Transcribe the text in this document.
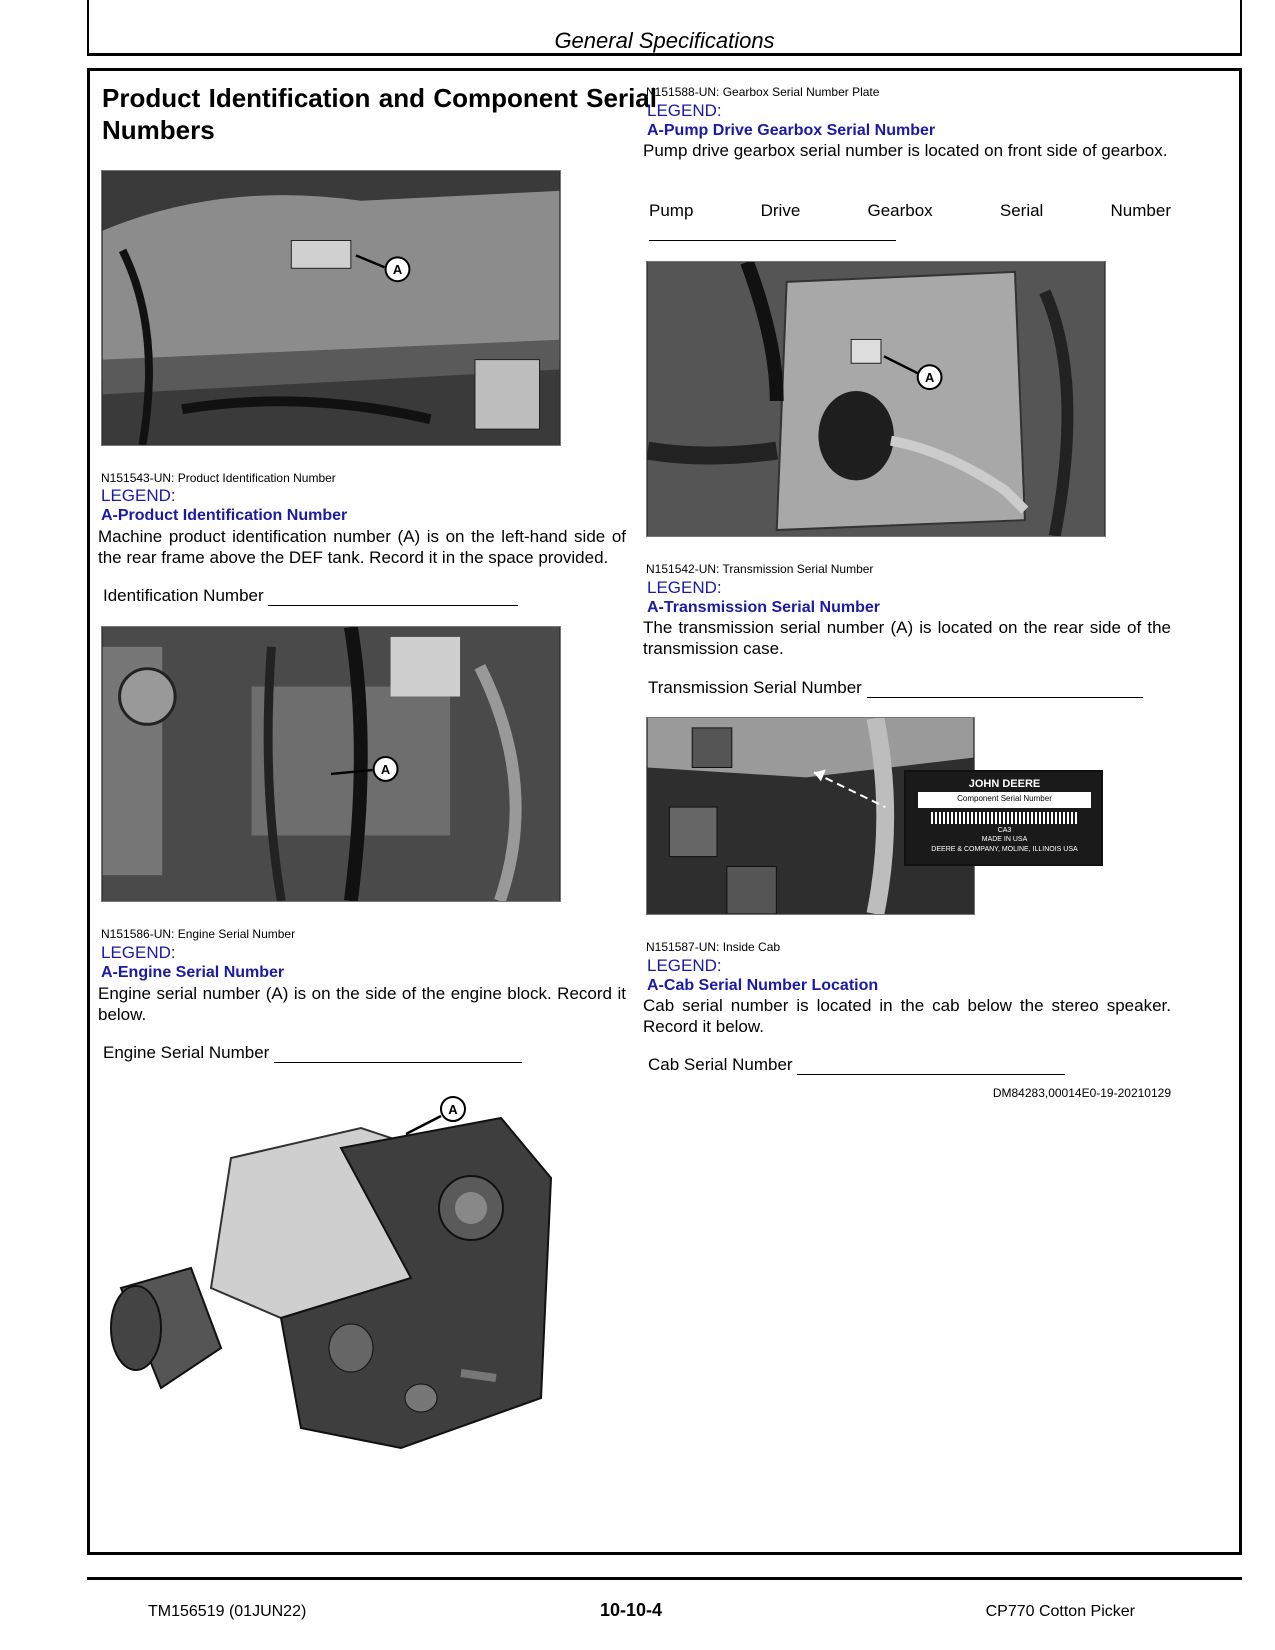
General Specifications
Product Identification and Component Serial Numbers
A
N151543-UN: Product Identification Number
LEGEND:
A-Product Identification Number
Machine product identification number (A) is on the left-hand side of the rear frame above the DEF tank. Record it in the space provided.
Identification Number
A
N151586-UN: Engine Serial Number
LEGEND:
A-Engine Serial Number
Engine serial number (A) is on the side of the engine block. Record it below.
Engine Serial Number
A
N151588-UN: Gearbox Serial Number Plate
LEGEND:
A-Pump Drive Gearbox Serial Number
Pump drive gearbox serial number is located on front side of gearbox.
Pump	Drive	Gearbox	Serial	Number
A
N151542-UN: Transmission Serial Number
LEGEND:
A-Transmission Serial Number
The transmission serial number (A) is located on the rear side of the transmission case.
Transmission Serial Number
JOHN DEERE
Component Serial Number
CA3
MADE IN USA
DEERE & COMPANY, MOLINE, ILLINOIS USA
N151587-UN: Inside Cab
LEGEND:
A-Cab Serial Number Location
Cab serial number is located in the cab below the stereo speaker. Record it below.
Cab Serial Number
DM84283,00014E0-19-20210129
TM156519 (01JUN22)	10-10-4	CP770 Cotton Picker
